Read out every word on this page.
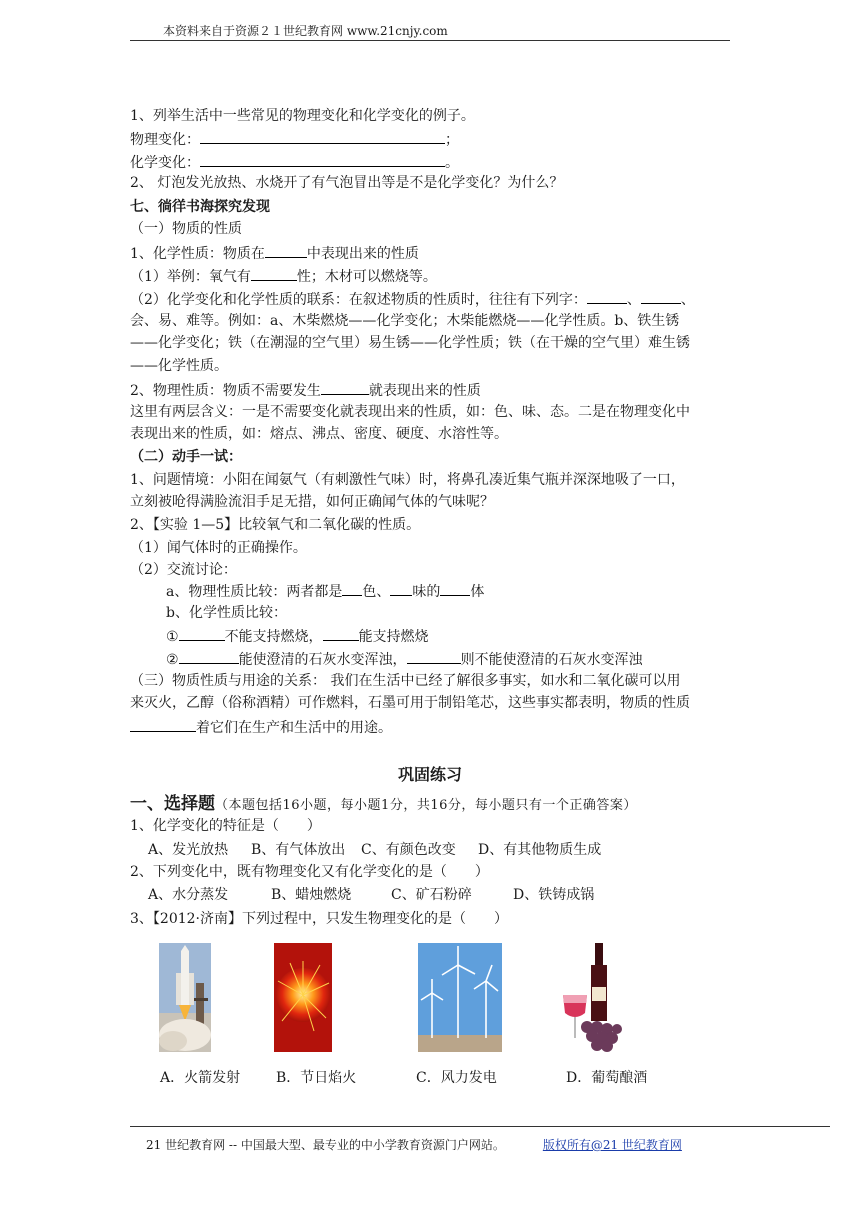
本资料来自于资源２１世纪教育网 www.21cnjy.com
1、列举生活中一些常见的物理变化和化学变化的例子。
物理变化：	；
化学变化：	。
2、 灯泡发光放热、水烧开了有气泡冒出等是不是化学变化？为什么？
七、徜徉书海探究发现
（一）物质的性质
1、化学性质：物质在	中表现出来的性质
（1）举例：氧气有	性；木材可以燃烧等。
（2）化学变化和化学性质的联系：在叙述物质的性质时，往往有下列字：	、	、
会、易、难等。例如：a、木柴燃烧——化学变化；木柴能燃烧——化学性质。b、铁生锈
——化学变化；铁（在潮湿的空气里）易生锈——化学性质；铁（在干燥的空气里）难生锈
——化学性质。
2、物理性质：物质不需要发生	就表现出来的性质
这里有两层含义：一是不需要变化就表现出来的性质，如：色、味、态。二是在物理变化中
表现出来的性质，如：熔点、沸点、密度、硬度、水溶性等。
（二）动手一试：
1、问题情境：小阳在闻氨气（有刺激性气味）时，将鼻孔凑近集气瓶并深深地吸了一口，
立刻被呛得满脸流泪手足无措，如何正确闻气体的气味呢？
2、【实验 1—5】比较氧气和二氧化碳的性质。
（1）闻气体时的正确操作。
（2）交流讨论：
a、物理性质比较：两者都是 色、 味的 体
b、化学性质比较：
①	不能支持燃烧，	能支持燃烧
②	能使澄清的石灰水变浑浊，	则不能使澄清的石灰水变浑浊
（三）物质性质与用途的关系： 我们在生活中已经了解很多事实，如水和二氧化碳可以用
来灭火，乙醇（俗称酒精）可作燃料，石墨可用于制铅笔芯，这些事实都表明，物质的性质
着它们在生产和生活中的用途。
巩固练习
一、选择题（本题包括16小题，每小题1分，共16分，每小题只有一个正确答案）
1、化学变化的特征是（　　）
A、发光放热 B、有气体放出 C、有颜色改变 D、有其他物质生成
2、下列变化中，既有物理变化又有化学变化的是（　　）
A、水分蒸发	B、蜡烛燃烧	C、矿石粉碎	D、铁铸成锅
3、【2012·济南】下列过程中，只发生物理变化的是（　　）
A．火箭发射	B．节日焰火	C．风力发电	D．葡萄酿酒
21 世纪教育网 -- 中国最大型、最专业的中小学教育资源门户网站。	版权所有@21 世纪教育网
